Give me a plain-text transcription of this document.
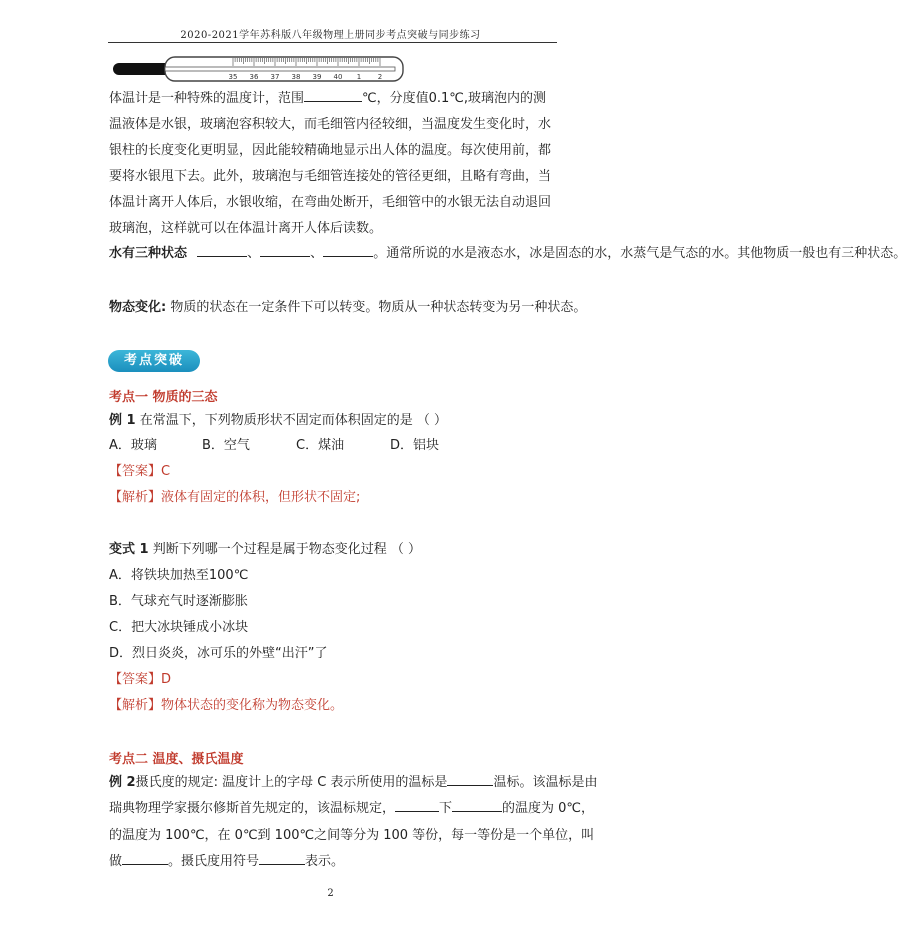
2020-2021学年苏科版八年级物理上册同步考点突破与同步练习
35 36 37 38 39 40 1 2
体温计是一种特殊的温度计，范围	℃，分度值0.1℃,玻璃泡内的测温液体是水银，玻璃泡容积较大，而毛细管内径较细，当温度发生变化时，水银柱的长度变化更明显，因此能较精确地显示出人体的温度。每次使用前，都要将水银甩下去。此外，玻璃泡与毛细管连接处的管径更细，且略有弯曲，当体温计离开人体后，水银收缩，在弯曲处断开，毛细管中的水银无法自动退回玻璃泡，这样就可以在体温计离开人体后读数。
水有三种状态	、	、	。通常所说的水是液态水，冰是固态的水，水蒸气是气态的水。其他物质一般也有三种状态。
物态变化: 物质的状态在一定条件下可以转变。物质从一种状态转变为另一种状态。
考点突破
考点一 物质的三态
例 1 在常温下，下列物质形状不固定而体积固定的是 （ ）
A．玻璃	B．空气	C．煤油	D．铝块
【答案】C
【解析】液体有固定的体积，但形状不固定;
变式 1 判断下列哪一个过程是属于物态变化过程 （ ）
A．将铁块加热至100℃
B．气球充气时逐渐膨胀
C．把大冰块锤成小冰块
D．烈日炎炎，冰可乐的外壁“出汗”了
【答案】D
【解析】物体状态的变化称为物态变化。
考点二 温度、摄氏温度
例 2摄氏度的规定: 温度计上的字母 C 表示所使用的温标是	温标。该温标是由
瑞典物理学家摄尔修斯首先规定的，该温标规定，	下	的温度为 0℃，
的温度为 100℃，在 0℃到 100℃之间等分为 100 等份，每一等份是一个单位，叫
做	。摄氏度用符号	表示。
2
